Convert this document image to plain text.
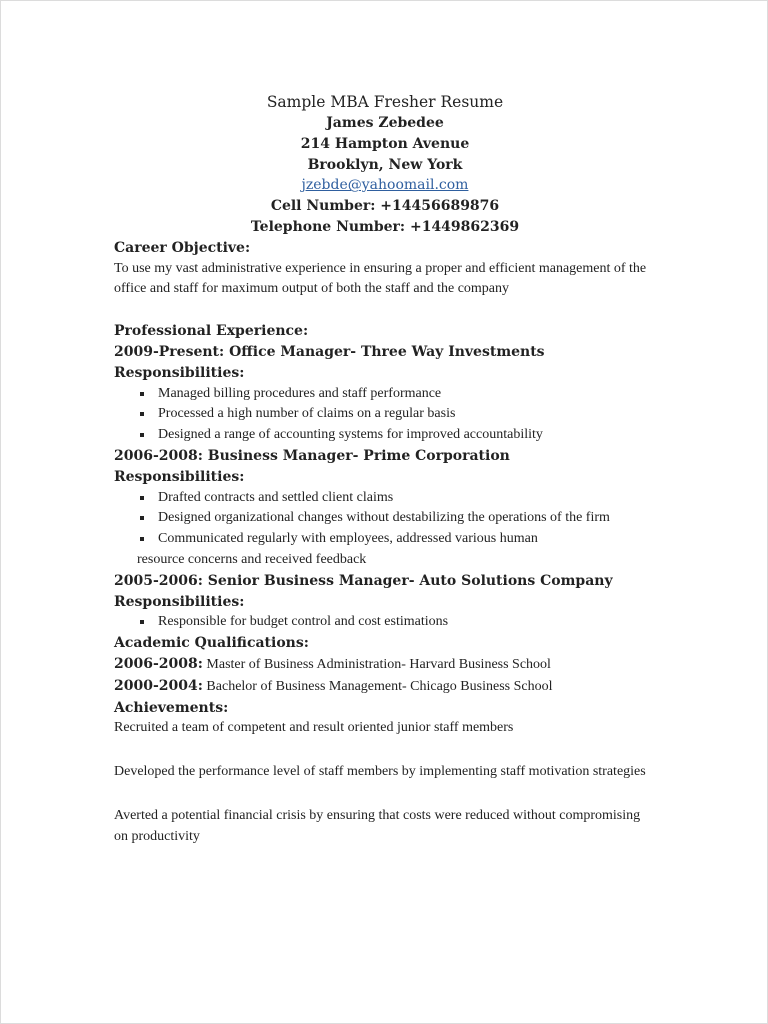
Sample MBA Fresher Resume
James Zebedee
214 Hampton Avenue
Brooklyn, New York
jzebde@yahoomail.com
Cell Number: +14456689876
Telephone Number: +1449862369

Career Objective:

To use my vast administrative experience in ensuring a proper and efficient management of the office and staff for maximum output of both the staff and the company

Professional Experience:

2009-Present: Office Manager- Three Way Investments

Responsibilities:

Managed billing procedures and staff performance
Processed a high number of claims on a regular basis
Designed a range of accounting systems for improved accountability

2006-2008: Business Manager- Prime Corporation

Responsibilities:

Drafted contracts and settled client claims
Designed organizational changes without destabilizing the operations of the firm
Communicated regularly with employees, addressed various human

resource concerns and received feedback

2005-2006: Senior Business Manager- Auto Solutions Company

Responsibilities:

Responsible for budget control and cost estimations

Academic Qualifications:

2006-2008: Master of Business Administration- Harvard Business School

2000-2004: Bachelor of Business Management- Chicago Business School

Achievements:

Recruited a team of competent and result oriented junior staff members

Developed the performance level of staff members by implementing staff motivation strategies

Averted a potential financial crisis by ensuring that costs were reduced without compromising on productivity
